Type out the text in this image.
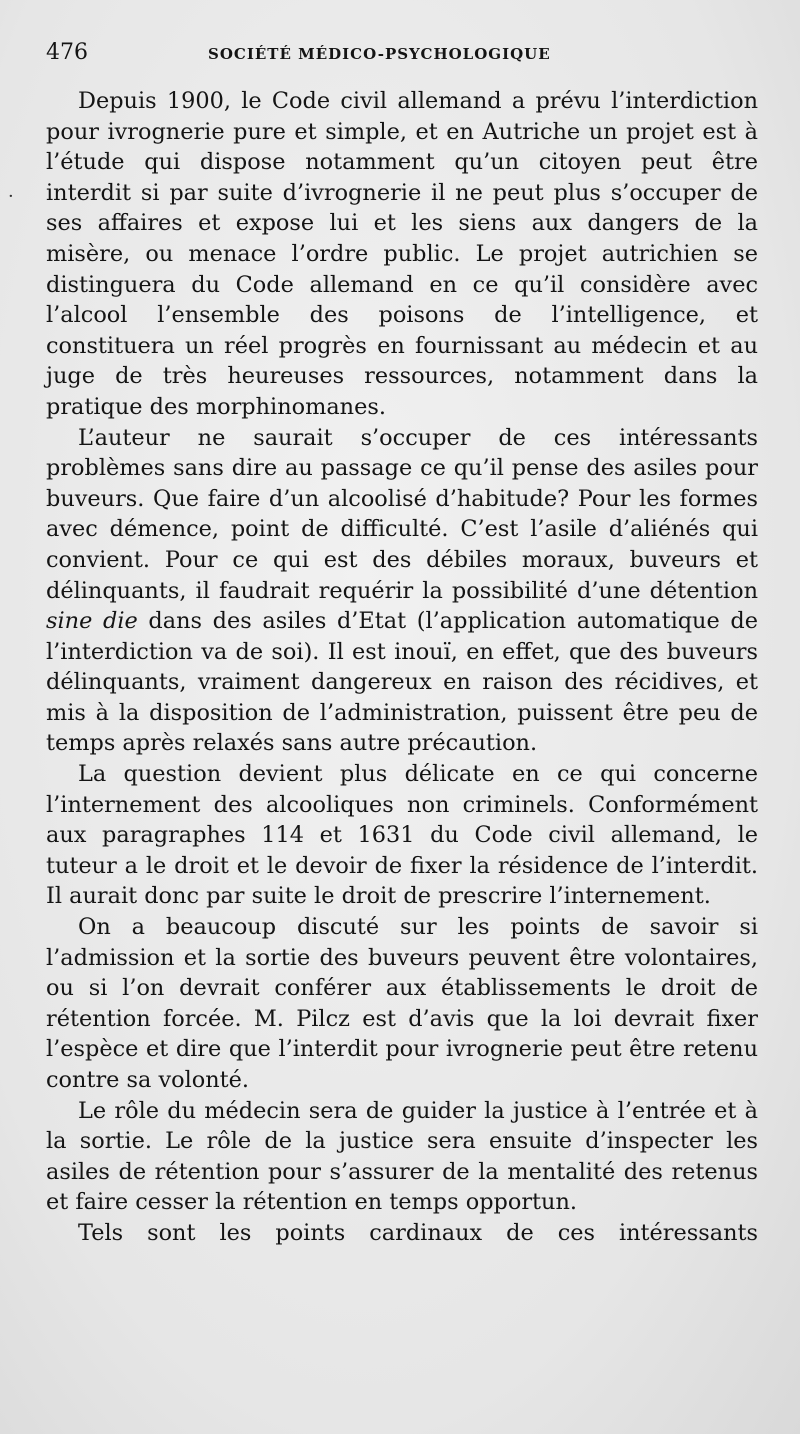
·
476	SOCIÉTÉ MÉDICO-PSYCHOLOGIQUE

Depuis 1900, le Code civil allemand a prévu l’interdiction pour ivrognerie pure et simple, et en Autriche un projet est à l’étude qui dispose notamment qu’un citoyen peut être interdit si par suite d’ivrognerie il ne peut plus s’occuper de ses affaires et expose lui et les siens aux dangers de la misère, ou menace l’ordre public. Le projet autrichien se distinguera du Code allemand en ce qu’il considère avec l’alcool l’ensemble des poisons de l’intelligence, et constituera un réel progrès en fournissant au médecin et au juge de très heureuses ressources, notamment dans la pratique des morphinomanes.

L’auteur ne saurait s’occuper de ces intéressants problèmes sans dire au passage ce qu’il pense des asiles pour buveurs. Que faire d’un alcoolisé d’habitude? Pour les formes avec démence, point de difficulté. C’est l’asile d’aliénés qui convient. Pour ce qui est des débiles moraux, buveurs et délinquants, il faudrait requérir la possibilité d’une détention sine die dans des asiles d’Etat (l’application automatique de l’interdiction va de soi). Il est inouï, en effet, que des buveurs délinquants, vraiment dangereux en raison des récidives, et mis à la disposition de l’administration, puissent être peu de temps après relaxés sans autre précaution.

La question devient plus délicate en ce qui concerne l’internement des alcooliques non criminels. Conformément aux paragraphes 114 et 1631 du Code civil allemand, le tuteur a le droit et le devoir de fixer la résidence de l’interdit. Il aurait donc par suite le droit de prescrire l’internement.

On a beaucoup discuté sur les points de savoir si l’admission et la sortie des buveurs peuvent être volontaires, ou si l’on devrait conférer aux établissements le droit de rétention forcée. M. Pilcz est d’avis que la loi devrait fixer l’espèce et dire que l’interdit pour ivrognerie peut être retenu contre sa volonté.

Le rôle du médecin sera de guider la justice à l’entrée et à la sortie. Le rôle de la justice sera ensuite d’inspecter les asiles de rétention pour s’assurer de la mentalité des retenus et faire cesser la rétention en temps opportun.

Tels sont les points cardinaux de ces intéressants
